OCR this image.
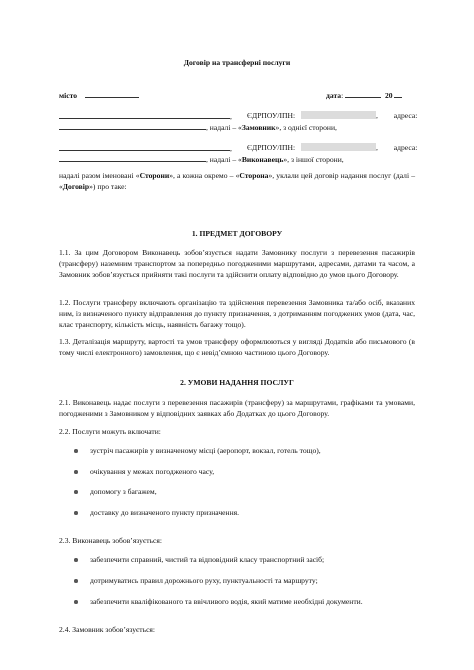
Договір на трансферні послуги
місто	дата:	20
, ЄДРПОУ/ІПН:	, адреса:
, надалі – «Замовник», з однієї сторони,
, ЄДРПОУ/ІПН:	, адреса:
, надалі – «Виконавець», з іншої сторони,
надалі разом іменовані «Сторони», а кожна окремо – «Сторона», уклали цей договір надання послуг (далі – «Договір») про таке:
1. ПРЕДМЕТ ДОГОВОРУ
1.1. За цим Договором Виконавець зобов’язується надати Замовнику послуги з перевезення пасажирів (трансферу) наземним транспортом за попередньо погодженими маршрутами, адресами, датами та часом, а Замовник зобов’язується прийняти такі послуги та здійснити оплату відповідно до умов цього Договору.
1.2. Послуги трансферу включають організацію та здійснення перевезення Замовника та/або осіб, вказаних ним, із визначеного пункту відправлення до пункту призначення, з дотриманням погоджених умов (дата, час, клас транспорту, кількість місць, наявність багажу тощо).
1.3. Деталізація маршруту, вартості та умов трансферу оформлюються у вигляді Додатків або письмового (в тому числі електронного) замовлення, що є невід’ємною частиною цього Договору.
2. УМОВИ НАДАННЯ ПОСЛУГ
2.1. Виконавець надає послуги з перевезення пасажирів (трансферу) за маршрутами, графіками та умовами, погодженими з Замовником у відповідних заявках або Додатках до цього Договору.
2.2. Послуги можуть включати:
зустріч пасажирів у визначеному місці (аеропорт, вокзал, готель тощо),
очікування у межах погодженого часу,
допомогу з багажем,
доставку до визначеного пункту призначення.
2.3. Виконавець зобов’язується:
забезпечити справний, чистий та відповідний класу транспортний засіб;
дотримуватись правил дорожнього руху, пунктуальності та маршруту;
забезпечити кваліфікованого та ввічливого водія, який матиме необхідні документи.
2.4. Замовник зобов’язується:
